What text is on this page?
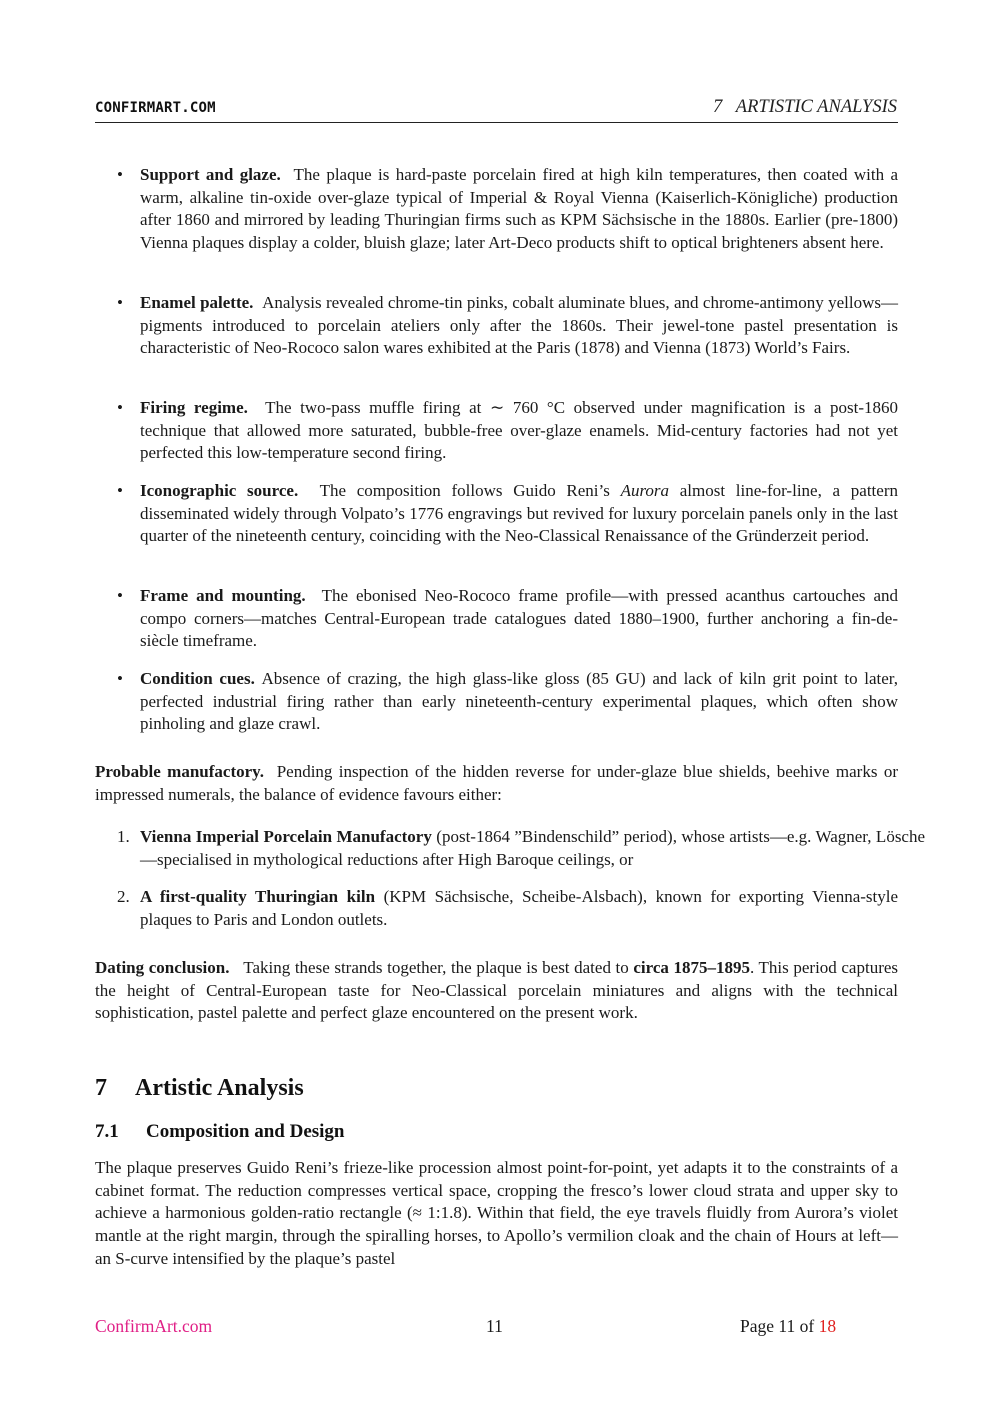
CONFIRMART.COM	7   ARTISTIC ANALYSIS
• Support and glaze. The plaque is hard-paste porcelain fired at high kiln temperatures, then coated with a warm, alkaline tin-oxide over-glaze typical of Imperial & Royal Vienna (Kaiserlich-Königliche) production after 1860 and mirrored by leading Thuringian firms such as KPM Sächsische in the 1880s. Earlier (pre-1800) Vienna plaques display a colder, bluish glaze; later Art-Deco products shift to optical brighteners absent here.
• Enamel palette. Analysis revealed chrome-tin pinks, cobalt aluminate blues, and chrome-antimony yellows—pigments introduced to porcelain ateliers only after the 1860s. Their jewel-tone pastel presentation is characteristic of Neo-Rococo salon wares exhibited at the Paris (1878) and Vienna (1873) World’s Fairs.
• Firing regime. The two-pass muffle firing at ∼ 760 °C observed under magnification is a post-1860 technique that allowed more saturated, bubble-free over-glaze enamels. Mid-century factories had not yet perfected this low-temperature second firing.
• Iconographic source. The composition follows Guido Reni’s Aurora almost line-for-line, a pattern disseminated widely through Volpato’s 1776 engravings but revived for luxury porcelain panels only in the last quarter of the nineteenth century, coinciding with the Neo-Classical Renaissance of the Gründerzeit period.
• Frame and mounting. The ebonised Neo-Rococo frame profile—with pressed acanthus cartouches and compo corners—matches Central-European trade catalogues dated 1880–1900, further anchoring a fin-de-siècle timeframe.
• Condition cues. Absence of crazing, the high glass-like gloss (85 GU) and lack of kiln grit point to later, perfected industrial firing rather than early nineteenth-century experimental plaques, which often show pinholing and glaze crawl.
Probable manufactory. Pending inspection of the hidden reverse for under-glaze blue shields, beehive marks or impressed numerals, the balance of evidence favours either:
1. Vienna Imperial Porcelain Manufactory (post-1864 ”Bindenschild” period), whose artists—e.g. Wagner, Lösche—specialised in mythological reductions after High Baroque ceilings, or
2. A first-quality Thuringian kiln (KPM Sächsische, Scheibe-Alsbach), known for exporting Vienna-style plaques to Paris and London outlets.
Dating conclusion. Taking these strands together, the plaque is best dated to circa 1875–1895. This period captures the height of Central-European taste for Neo-Classical porcelain miniatures and aligns with the technical sophistication, pastel palette and perfect glaze encountered on the present work.
7 Artistic Analysis
7.1 Composition and Design
The plaque preserves Guido Reni’s frieze-like procession almost point-for-point, yet adapts it to the constraints of a cabinet format. The reduction compresses vertical space, cropping the fresco’s lower cloud strata and upper sky to achieve a harmonious golden-ratio rectangle (≈ 1:1.8). Within that field, the eye travels fluidly from Aurora’s violet mantle at the right margin, through the spiralling horses, to Apollo’s vermilion cloak and the chain of Hours at left—an S-curve intensified by the plaque’s pastel
ConfirmArt.com	11	Page 11 of 18
